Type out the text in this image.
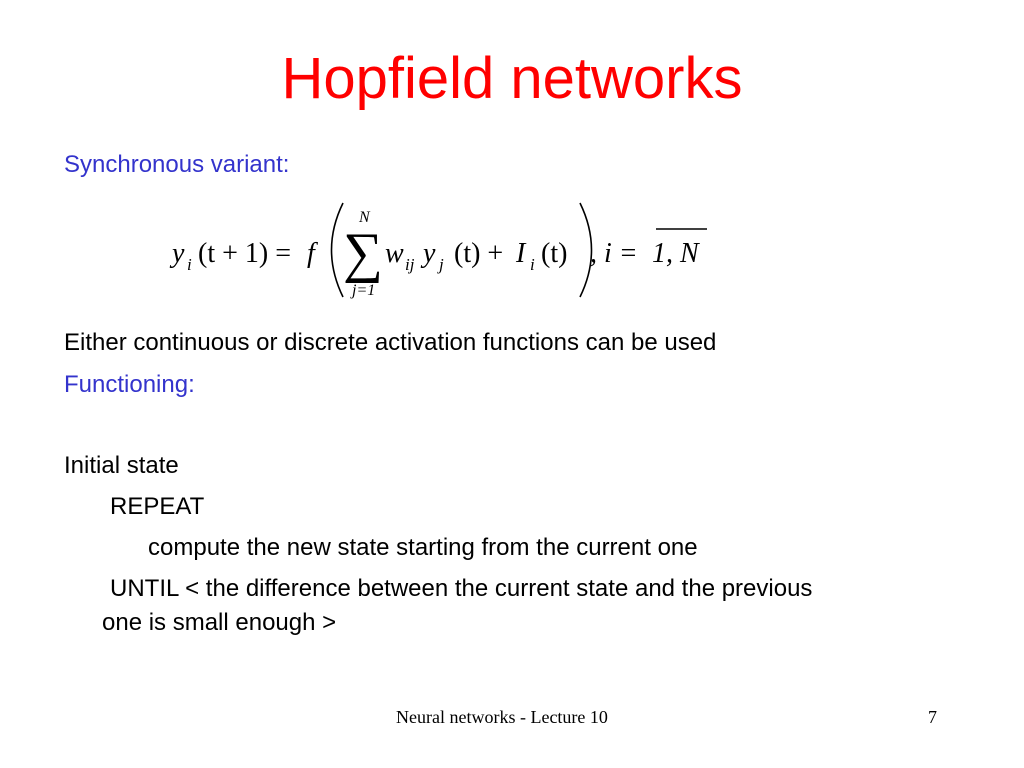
Hopfield networks
Synchronous variant:
y i (t + 1) = f
N
∑
j=1
w ij y j (t) + I i (t) , i = 1, N
Either continuous or discrete activation functions can be used
Functioning:
Initial state
REPEAT
compute the new state starting from the current one
UNTIL < the difference between the current state and the previous
one is small enough >
Neural networks - Lecture 10	7
